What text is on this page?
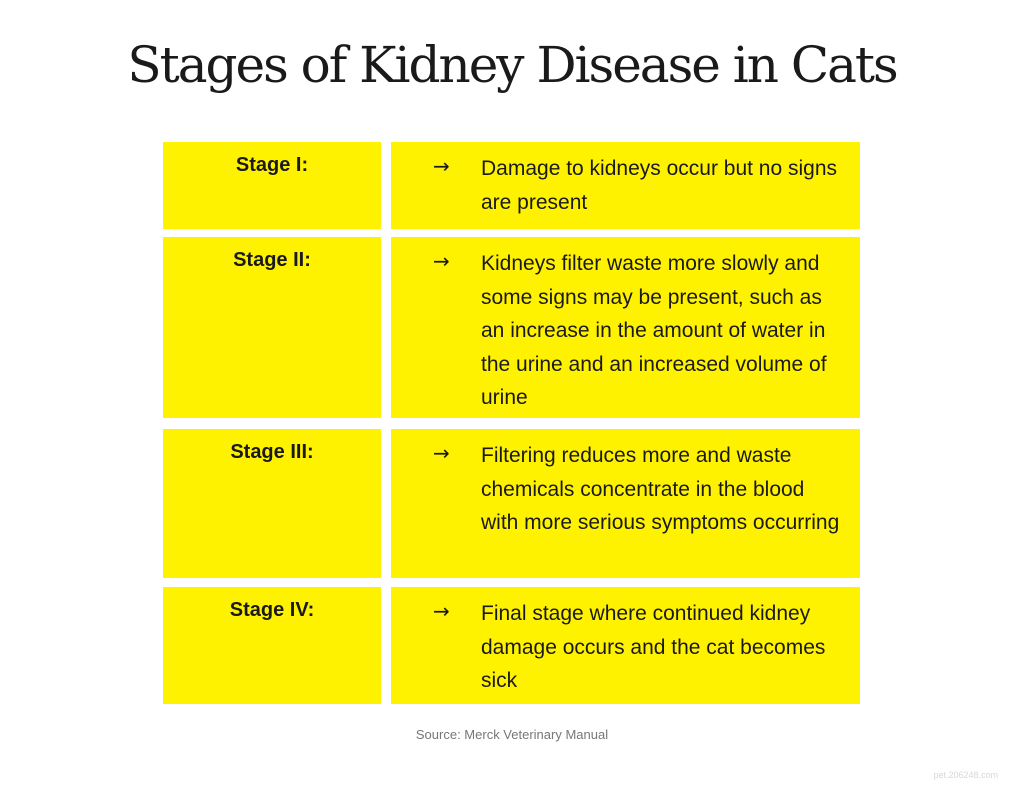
Stages of Kidney Disease in Cats
Stage I:	→ Damage to kidneys occur but no signs are present
Stage II:	→ Kidneys filter waste more slowly and some signs may be present, such as an increase in the amount of water in the urine and an increased volume of urine
Stage III:	→ Filtering reduces more and waste chemicals concentrate in the blood with more serious symptoms occurring
Stage IV:	→ Final stage where continued kidney damage occurs and the cat becomes sick
Source: Merck Veterinary Manual
pet.206248.com
